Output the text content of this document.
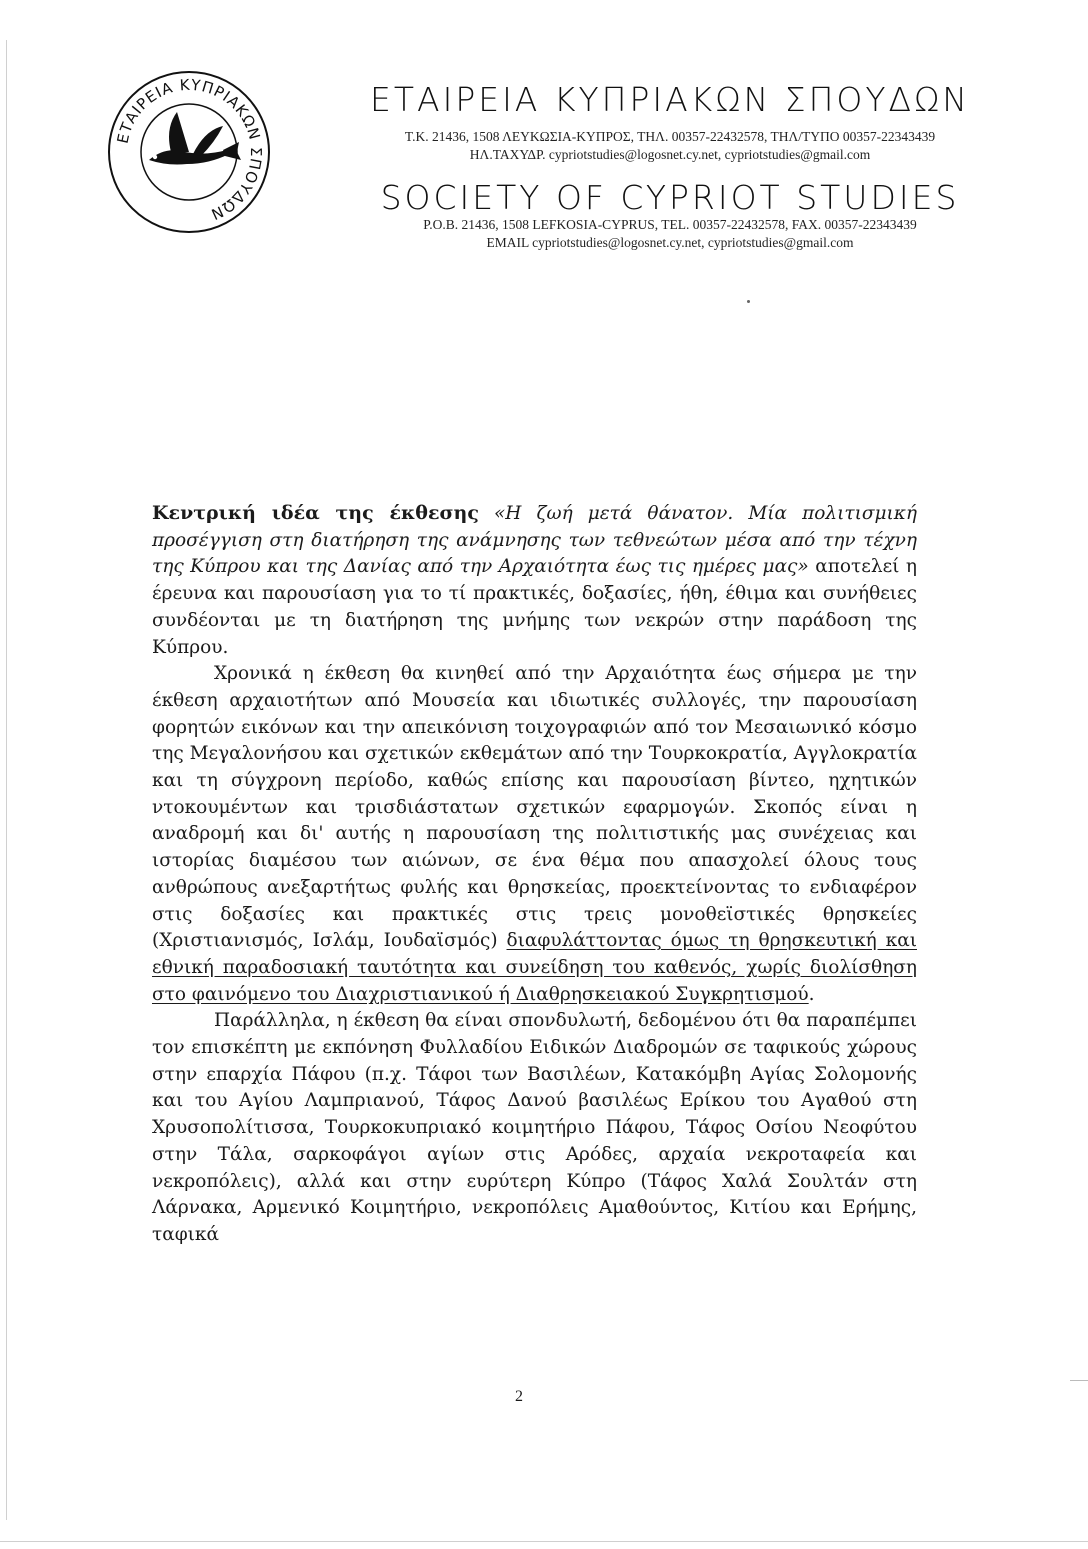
ΕΤΑΙΡΕΙΑ ΚΥΠΡΙΑΚΩΝ ΣΠΟΥΔΩΝ
ΕΤΑΙΡΕΙΑ ΚΥΠΡΙΑΚΩΝ ΣΠΟΥΔΩΝ
Τ.Κ. 21436, 1508 ΛΕΥΚΩΣΙΑ-ΚΥΠΡΟΣ, ΤΗΛ. 00357-22432578, ΤΗΛ/ΤΥΠΟ 00357-22343439
ΗΛ.ΤΑΧΥΔΡ. cypriotstudies@logosnet.cy.net, cypriotstudies@gmail.com
SOCIETY OF CYPRIOT STUDIES
P.O.B. 21436, 1508 LEFKOSIA-CYPRUS, TEL. 00357-22432578, FAX. 00357-22343439
EMAIL cypriotstudies@logosnet.cy.net, cypriotstudies@gmail.com

Κεντρική ιδέα της έκθεσης «Η ζωή μετά θάνατον. Μία πολιτισμική προσέγγιση στη διατήρηση της ανάμνησης των τεθνεώτων μέσα από την τέχνη της Κύπρου και της Δανίας από την Αρχαιότητα έως τις ημέρες μας» αποτελεί η έρευνα και παρουσίαση για το τί πρακτικές, δοξασίες, ήθη, έθιμα και συνήθειες συνδέονται με τη διατήρηση της μνήμης των νεκρών στην παράδοση της Κύπρου.

Χρονικά η έκθεση θα κινηθεί από την Αρχαιότητα έως σήμερα με την έκθεση αρχαιοτήτων από Μουσεία και ιδιωτικές συλλογές, την παρουσίαση φορητών εικόνων και την απεικόνιση τοιχογραφιών από τον Μεσαιωνικό κόσμο της Μεγαλονήσου και σχετικών εκθεμάτων από την Τουρκοκρατία, Αγγλοκρατία και τη σύγχρονη περίοδο, καθώς επίσης και παρουσίαση βίντεο, ηχητικών ντοκουμέντων και τρισδιάστατων σχετικών εφαρμογών. Σκοπός είναι η αναδρομή και δι' αυτής η παρουσίαση της πολιτιστικής μας συνέχειας και ιστορίας διαμέσου των αιώνων, σε ένα θέμα που απασχολεί όλους τους ανθρώπους ανεξαρτήτως φυλής και θρησκείας, προεκτείνοντας το ενδιαφέρον στις δοξασίες και πρακτικές στις τρεις μονοθεϊστικές θρησκείες (Χριστιανισμός, Ισλάμ, Ιουδαϊσμός) διαφυλάττοντας όμως τη θρησκευτική και εθνική παραδοσιακή ταυτότητα και συνείδηση του καθενός, χωρίς διολίσθηση στο φαινόμενο του Διαχριστιανικού ή Διαθρησκειακού Συγκρητισμού.

Παράλληλα, η έκθεση θα είναι σπονδυλωτή, δεδομένου ότι θα παραπέμπει τον επισκέπτη με εκπόνηση Φυλλαδίου Ειδικών Διαδρομών σε ταφικούς χώρους στην επαρχία Πάφου (π.χ. Τάφοι των Βασιλέων, Κατακόμβη Αγίας Σολομονής και του Αγίου Λαμπριανού, Τάφος Δανού βασιλέως Ερίκου του Αγαθού στη Χρυσοπολίτισσα, Τουρκοκυπριακό κοιμητήριο Πάφου, Τάφος Οσίου Νεοφύτου στην Τάλα, σαρκοφάγοι αγίων στις Αρόδες, αρχαία νεκροταφεία και νεκροπόλεις), αλλά και στην ευρύτερη Κύπρο (Τάφος Χαλά Σουλτάν στη Λάρνακα, Αρμενικό Κοιμητήριο, νεκροπόλεις Αμαθούντος, Κιτίου και Ερήμης, ταφικά

2
